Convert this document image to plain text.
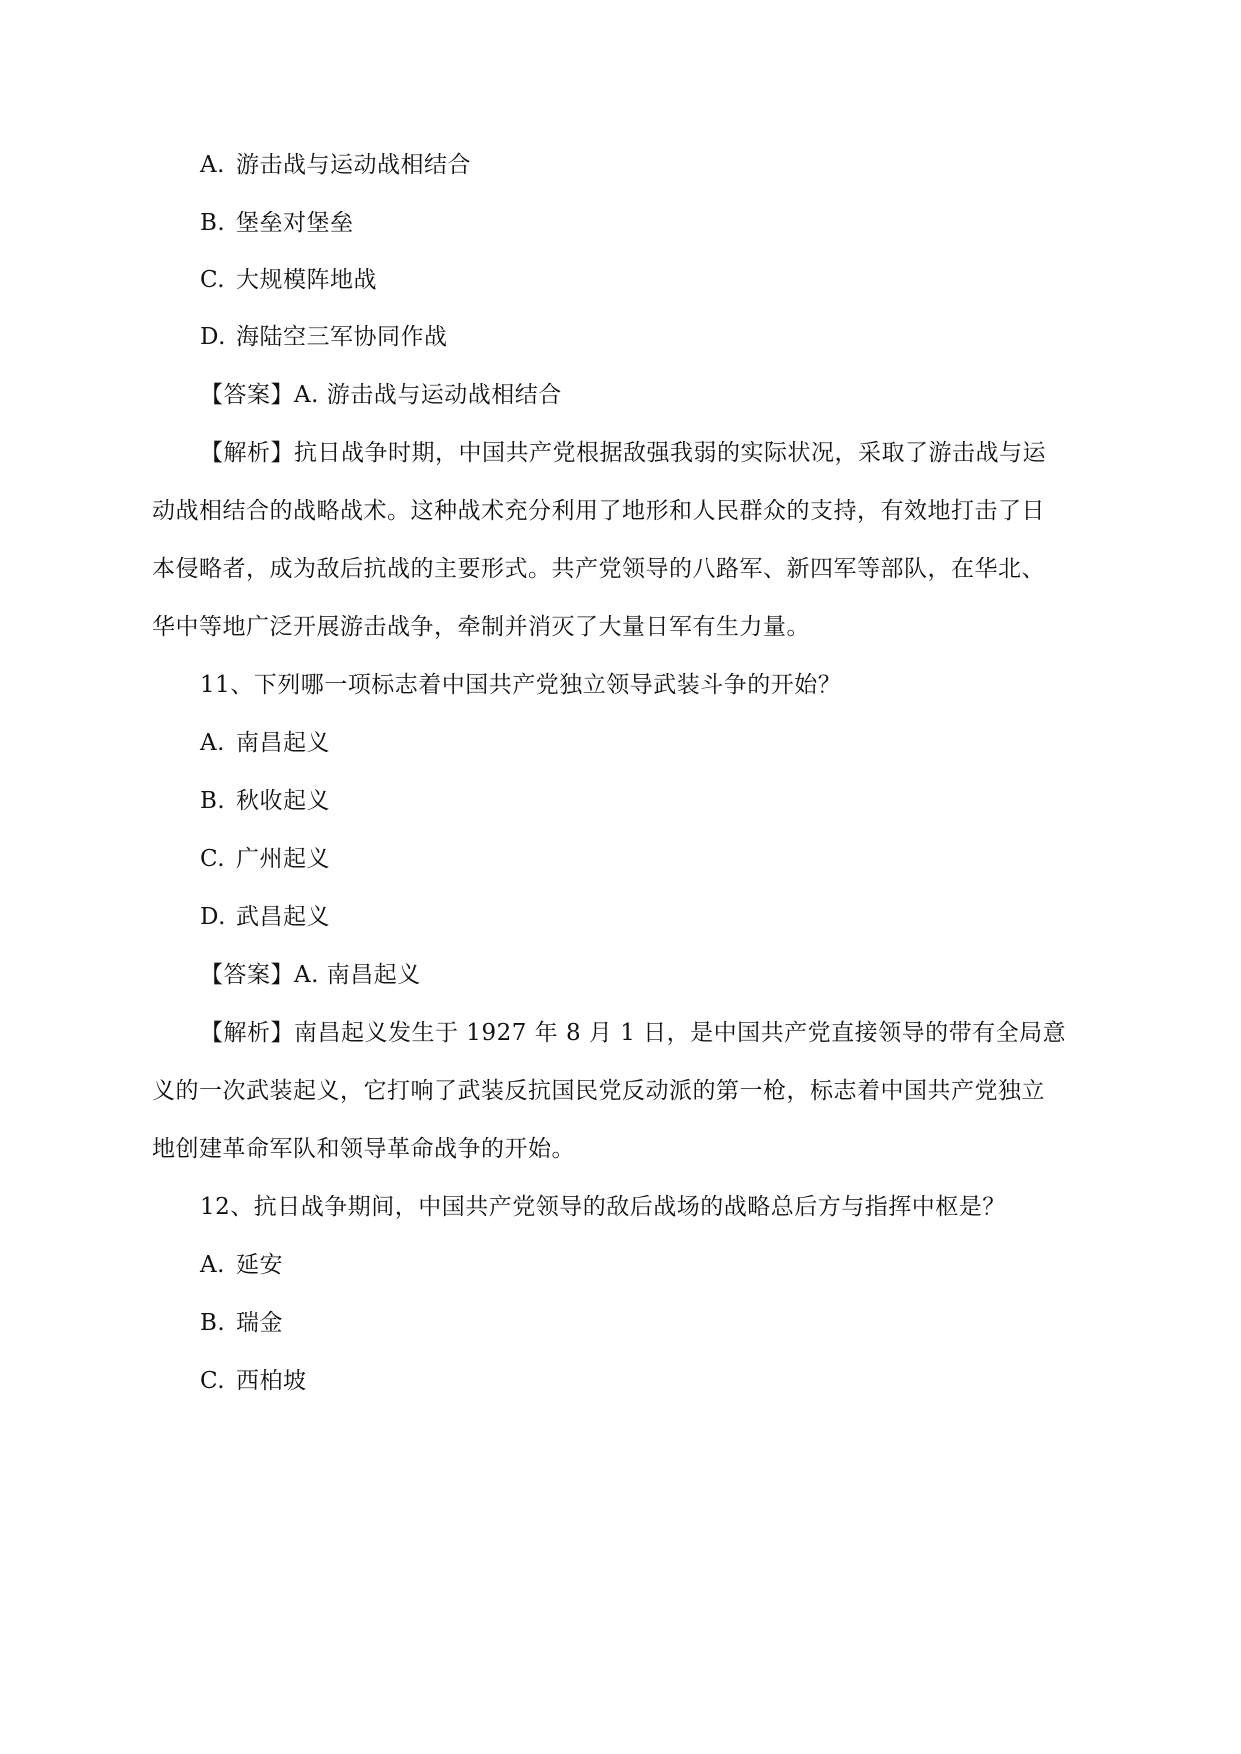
A. 游击战与运动战相结合
B. 堡垒对堡垒
C. 大规模阵地战
D. 海陆空三军协同作战
【答案】A. 游击战与运动战相结合
【解析】抗日战争时期，中国共产党根据敌强我弱的实际状况，采取了游击战与运
动战相结合的战略战术。这种战术充分利用了地形和人民群众的支持，有效地打击了日
本侵略者，成为敌后抗战的主要形式。共产党领导的八路军、新四军等部队，在华北、
华中等地广泛开展游击战争，牵制并消灭了大量日军有生力量。
11、下列哪一项标志着中国共产党独立领导武装斗争的开始？
A. 南昌起义
B. 秋收起义
C. 广州起义
D. 武昌起义
【答案】A. 南昌起义
【解析】南昌起义发生于 1927 年 8 月 1 日，是中国共产党直接领导的带有全局意
义的一次武装起义，它打响了武装反抗国民党反动派的第一枪，标志着中国共产党独立
地创建革命军队和领导革命战争的开始。
12、抗日战争期间，中国共产党领导的敌后战场的战略总后方与指挥中枢是？
A. 延安
B. 瑞金
C. 西柏坡
